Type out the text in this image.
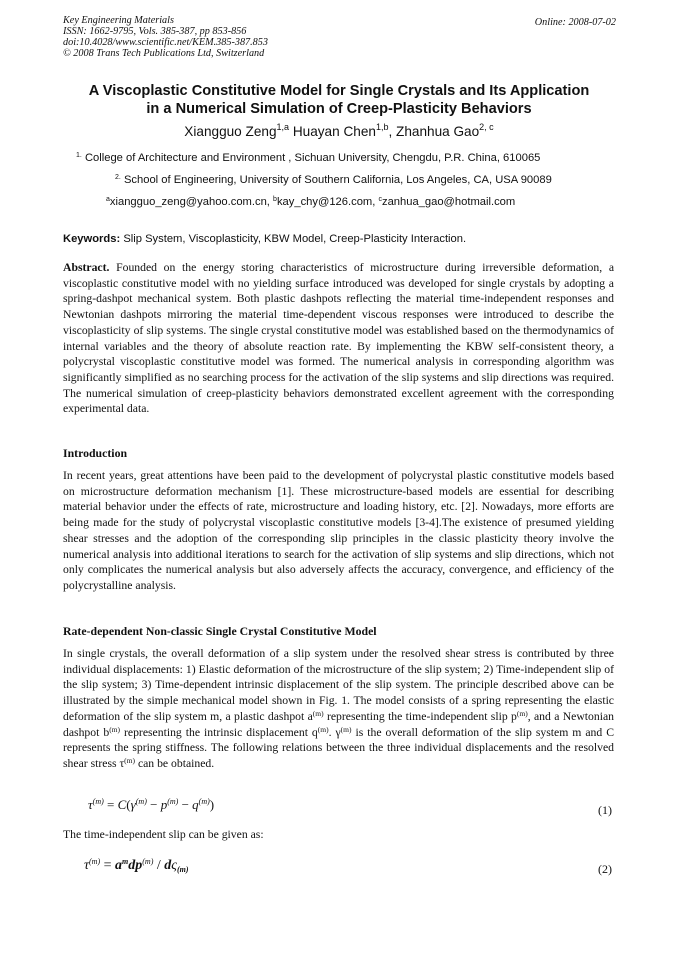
Key Engineering Materials
ISSN: 1662-9795, Vols. 385-387, pp 853-856
doi:10.4028/www.scientific.net/KEM.385-387.853
© 2008 Trans Tech Publications Ltd, Switzerland
Online: 2008-07-02
A Viscoplastic Constitutive Model for Single Crystals and Its Application
in a Numerical Simulation of Creep-Plasticity Behaviors
Xiangguo Zeng$^{1,a}$ Huayan Chen$^{1,b}$, Zhanhua Gao$^{2, c}$
$^{1.}$ College of Architecture and Environment , Sichuan University, Chengdu, P.R. China, 610065
$^{2.}$ School of Engineering, University of Southern California, Los Angeles, CA, USA 90089
$^a$xiangguo_zeng@yahoo.com.cn, $^b$kay_chy@126.com, $^c$zanhua_gao@hotmail.com
Keywords: Slip System, Viscoplasticity, KBW Model, Creep-Plasticity Interaction.
Abstract. Founded on the energy storing characteristics of microstructure during irreversible deformation, a viscoplastic constitutive model with no yielding surface introduced was developed for single crystals by adopting a spring-dashpot mechanical system. Both plastic dashpots reflecting the material time-independent responses and Newtonian dashpots mirroring the material time-dependent viscous responses were introduced to describe the viscoplasticity of slip systems. The single crystal constitutive model was established based on the thermodynamics of internal variables and the theory of absolute reaction rate. By implementing the KBW self-consistent theory, a polycrystal viscoplastic constitutive model was formed. The numerical analysis in corresponding algorithm was significantly simplified as no searching process for the activation of the slip systems and slip directions was required. The numerical simulation of creep-plasticity behaviors demonstrated excellent agreement with the corresponding experimental data.
Introduction
In recent years, great attentions have been paid to the development of polycrystal plastic constitutive models based on microstructure deformation mechanism [1]. These microstructure-based models are essential for describing material behavior under the effects of rate, microstructure and loading history, etc. [2]. Nowadays, more efforts are being made for the study of polycrystal viscoplastic constitutive models [3-4].The existence of presumed yielding shear stresses and the adoption of the corresponding slip principles in the classic plasticity theory involve the numerical analysis into additional iterations to search for the activation of slip systems and slip directions, which not only complicates the numerical analysis but also adversely affects the accuracy, convergence, and efficiency of the polycrystalline analysis.
Rate-dependent Non-classic Single Crystal Constitutive Model
In single crystals, the overall deformation of a slip system under the resolved shear stress is contributed by three individual displacements: 1) Elastic deformation of the microstructure of the slip system; 2) Time-independent slip of the slip system; 3) Time-dependent intrinsic displacement of the slip system. The principle described above can be illustrated by the simple mechanical model shown in Fig. 1. The model consists of a spring representing the elastic deformation of the slip system m, a plastic dashpot $a^{(m)}$ representing the time-independent slip $p^{(m)}$, and a Newtonian dashpot $b^{(m)}$ representing the intrinsic displacement $q^{(m)}$. $\gamma^{(m)}$ is the overall deformation of the slip system m and C represents the spring stiffness. The following relations between the three individual displacements and the resolved shear stress $\tau^{(m)}$ can be obtained.
$\tau^{(m)} = C(\gamma^{(m)} - p^{(m)} - q^{(m)})$	(1)
The time-independent slip can be given as:
$\tau^{(m)} = a^mdp^{(m)} / d\varsigma_{(m)}$	(2)
